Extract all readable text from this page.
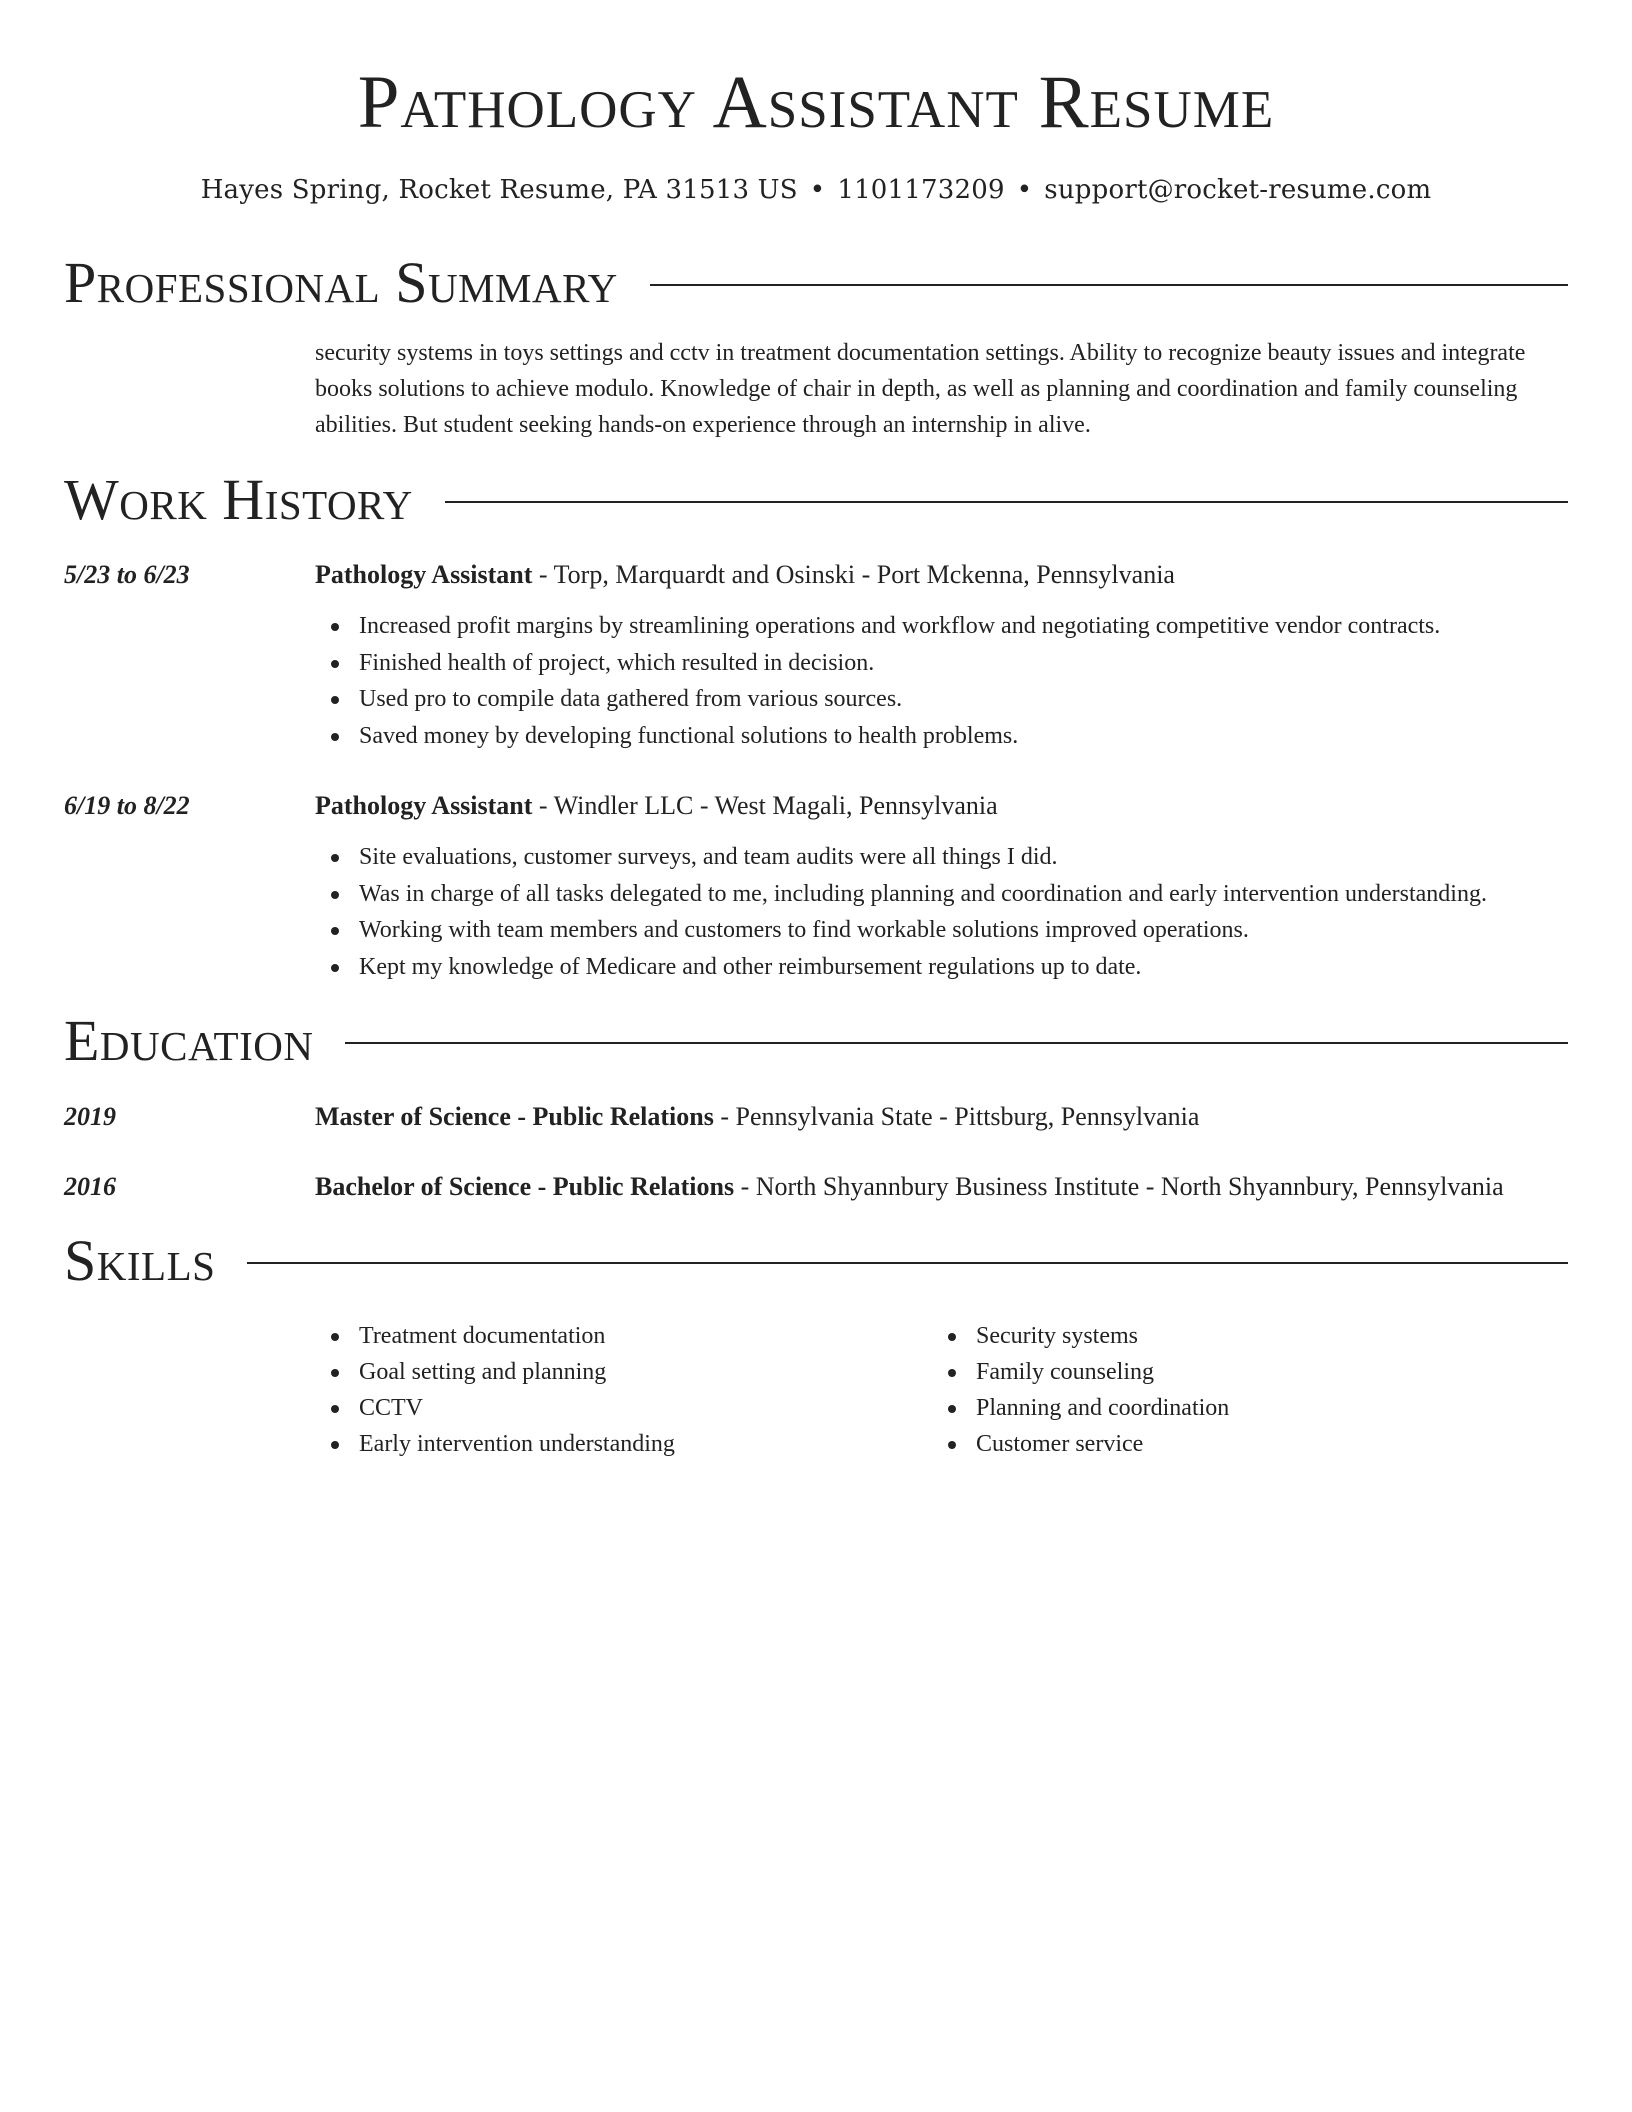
Pathology Assistant Resume
Hayes Spring, Rocket Resume, PA 31513 US • 1101173209 • support@rocket-resume.com
Professional Summary

security systems in toys settings and cctv in treatment documentation settings. Ability to recognize beauty issues and integrate books solutions to achieve modulo. Knowledge of chair in depth, as well as planning and coordination and family counseling abilities. But student seeking hands-on experience through an internship in alive.

Work History
5/23 to 6/23	Pathology Assistant - Torp, Marquardt and Osinski - Port Mckenna, Pennsylvania
Increased profit margins by streamlining operations and workflow and negotiating competitive vendor contracts.
Finished health of project, which resulted in decision.
Used pro to compile data gathered from various sources.
Saved money by developing functional solutions to health problems.
6/19 to 8/22	Pathology Assistant - Windler LLC - West Magali, Pennsylvania
Site evaluations, customer surveys, and team audits were all things I did.
Was in charge of all tasks delegated to me, including planning and coordination and early intervention understanding.
Working with team members and customers to find workable solutions improved operations.
Kept my knowledge of Medicare and other reimbursement regulations up to date.
Education
2019	Master of Science - Public Relations - Pennsylvania State - Pittsburg, Pennsylvania
2016	Bachelor of Science - Public Relations - North Shyannbury Business Institute - North Shyannbury, Pennsylvania
Skills
Treatment documentation
Goal setting and planning
CCTV
Early intervention understanding
Security systems
Family counseling
Planning and coordination
Customer service
